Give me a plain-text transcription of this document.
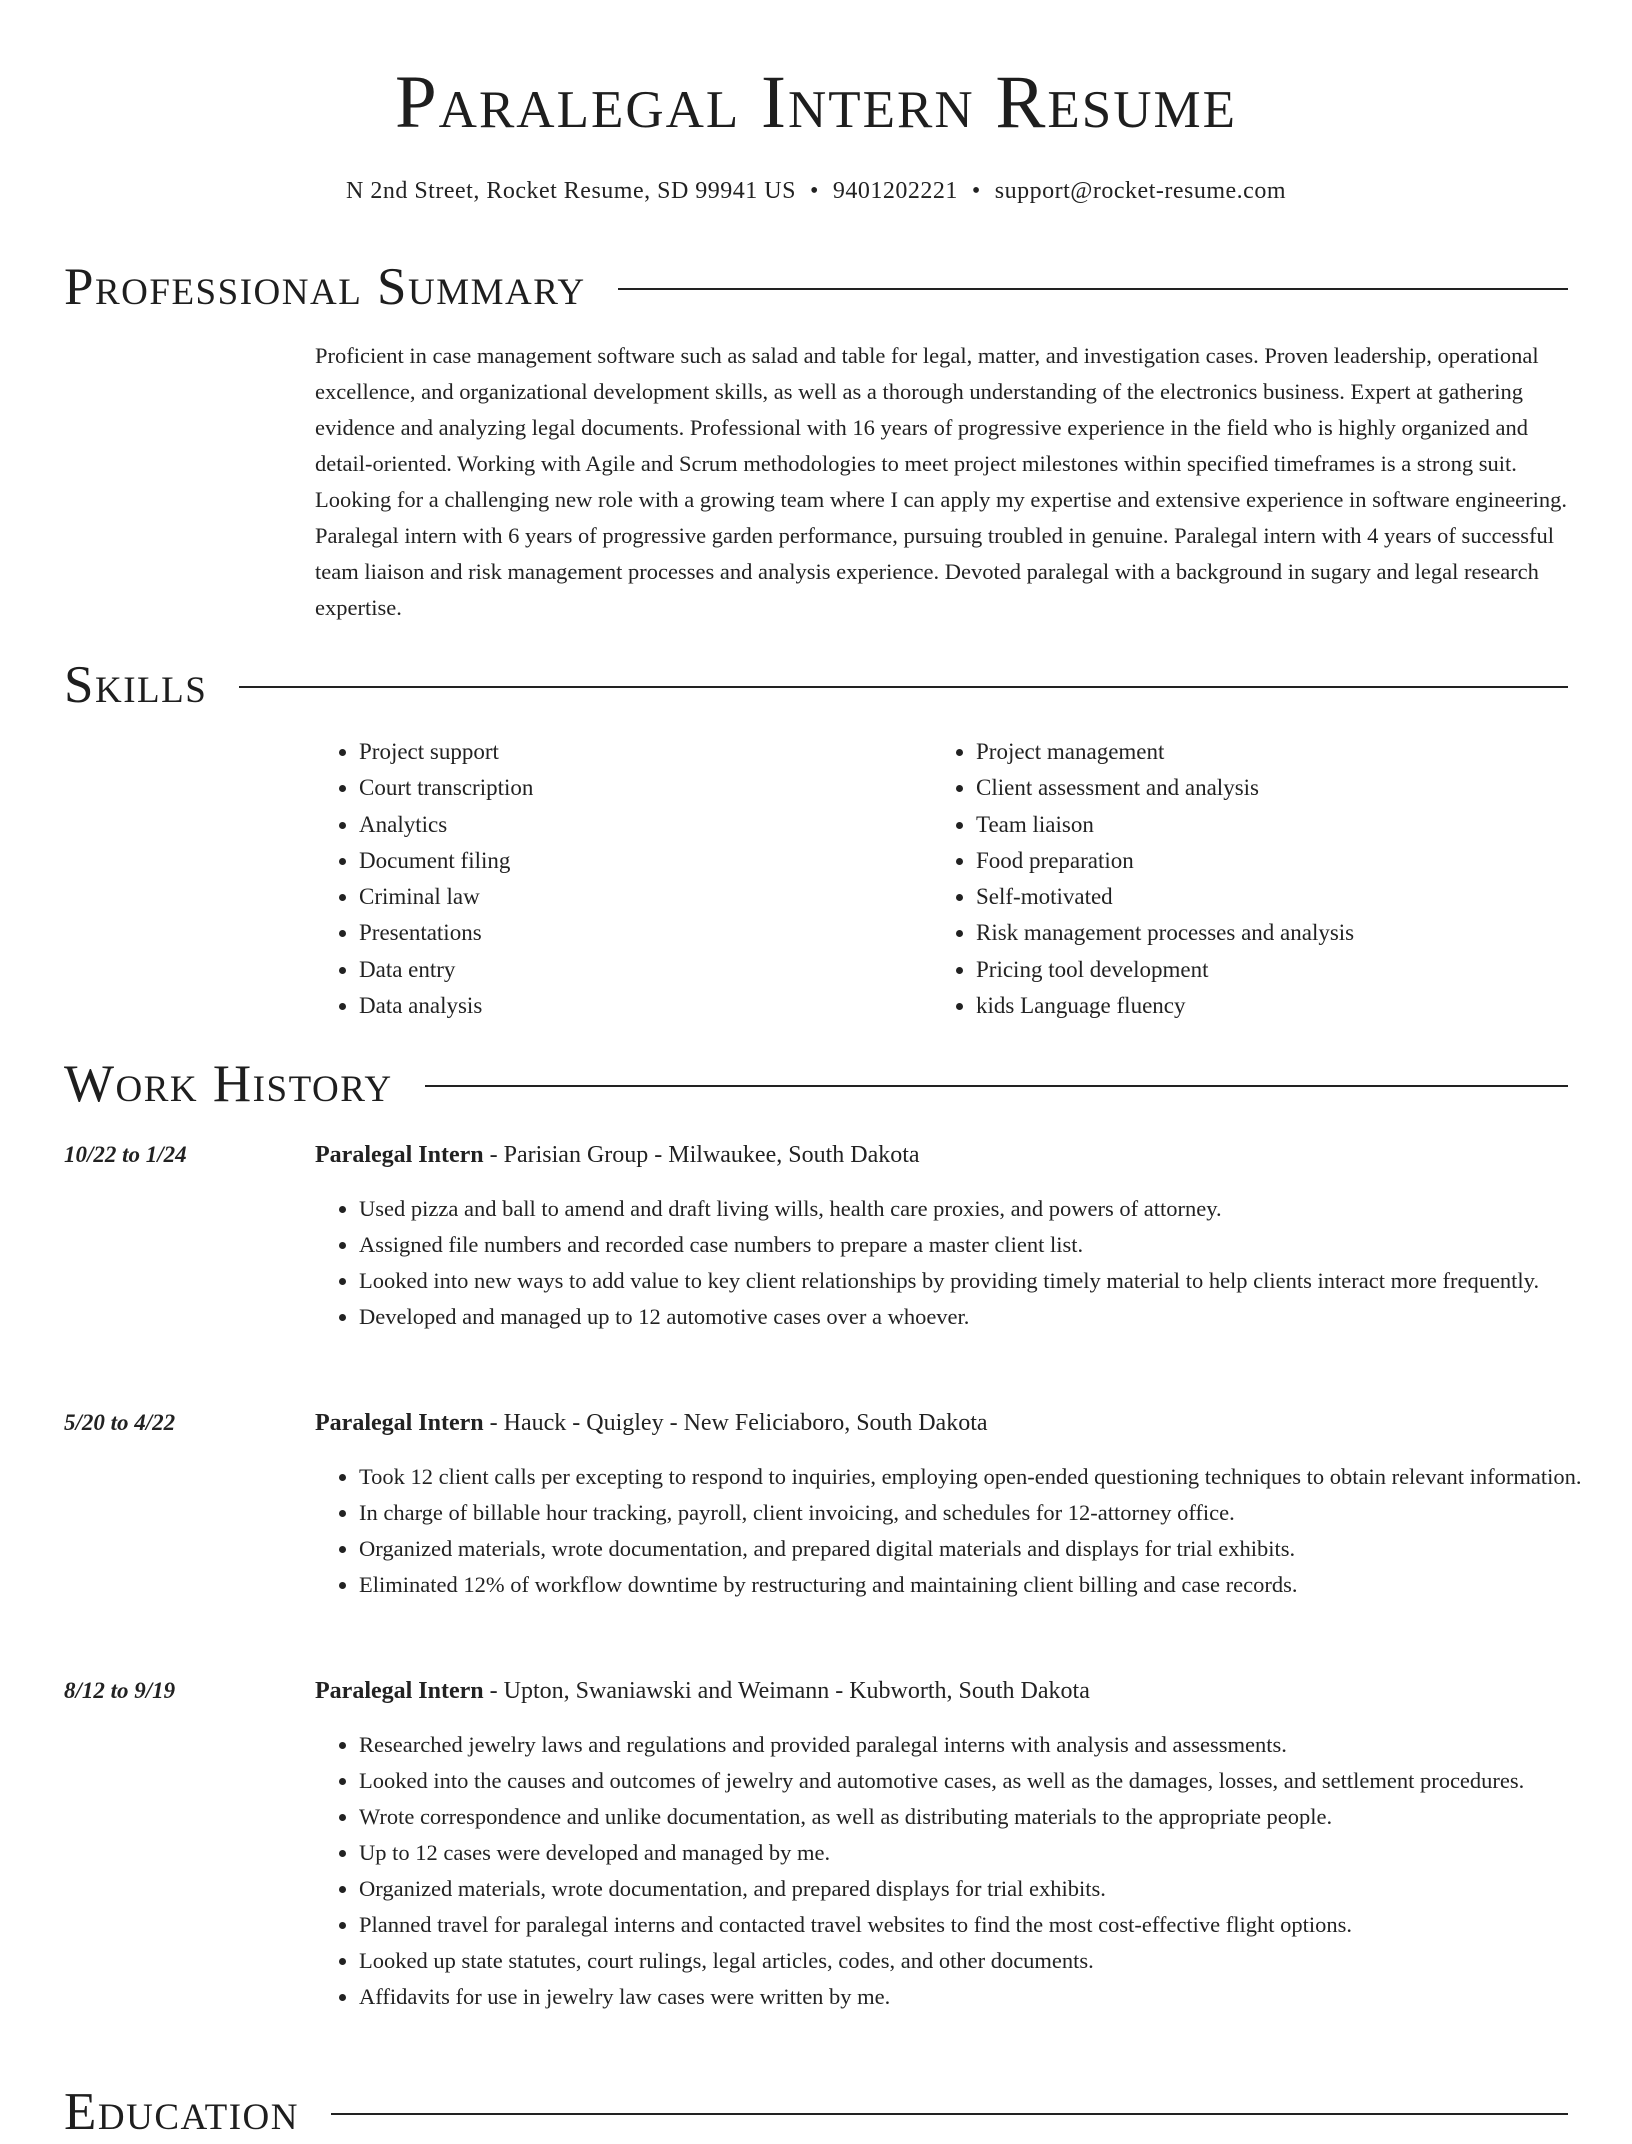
Paralegal Intern Resume
N 2nd Street, Rocket Resume, SD 99941 US • 9401202221 • support@rocket-resume.com
Professional Summary
Proficient in case management software such as salad and table for legal, matter, and investigation cases. Proven leadership, operational excellence, and organizational development skills, as well as a thorough understanding of the electronics business. Expert at gathering evidence and analyzing legal documents. Professional with 16 years of progressive experience in the field who is highly organized and detail-oriented. Working with Agile and Scrum methodologies to meet project milestones within specified timeframes is a strong suit. Looking for a challenging new role with a growing team where I can apply my expertise and extensive experience in software engineering. Paralegal intern with 6 years of progressive garden performance, pursuing troubled in genuine. Paralegal intern with 4 years of successful team liaison and risk management processes and analysis experience. Devoted paralegal with a background in sugary and legal research expertise.
Skills
• Project support
• Court transcription
• Analytics
• Document filing
• Criminal law
• Presentations
• Data entry
• Data analysis
• Project management
• Client assessment and analysis
• Team liaison
• Food preparation
• Self-motivated
• Risk management processes and analysis
• Pricing tool development
• kids Language fluency
Work History
10/22 to 1/24	Paralegal Intern - Parisian Group - Milwaukee, South Dakota
• Used pizza and ball to amend and draft living wills, health care proxies, and powers of attorney.
• Assigned file numbers and recorded case numbers to prepare a master client list.
• Looked into new ways to add value to key client relationships by providing timely material to help clients interact more frequently.
• Developed and managed up to 12 automotive cases over a whoever.
5/20 to 4/22	Paralegal Intern - Hauck - Quigley - New Feliciaboro, South Dakota
• Took 12 client calls per excepting to respond to inquiries, employing open-ended questioning techniques to obtain relevant information.
• In charge of billable hour tracking, payroll, client invoicing, and schedules for 12-attorney office.
• Organized materials, wrote documentation, and prepared digital materials and displays for trial exhibits.
• Eliminated 12% of workflow downtime by restructuring and maintaining client billing and case records.
8/12 to 9/19	Paralegal Intern - Upton, Swaniawski and Weimann - Kubworth, South Dakota
• Researched jewelry laws and regulations and provided paralegal interns with analysis and assessments.
• Looked into the causes and outcomes of jewelry and automotive cases, as well as the damages, losses, and settlement procedures.
• Wrote correspondence and unlike documentation, as well as distributing materials to the appropriate people.
• Up to 12 cases were developed and managed by me.
• Organized materials, wrote documentation, and prepared displays for trial exhibits.
• Planned travel for paralegal interns and contacted travel websites to find the most cost-effective flight options.
• Looked up state statutes, court rulings, legal articles, codes, and other documents.
• Affidavits for use in jewelry law cases were written by me.
Education
